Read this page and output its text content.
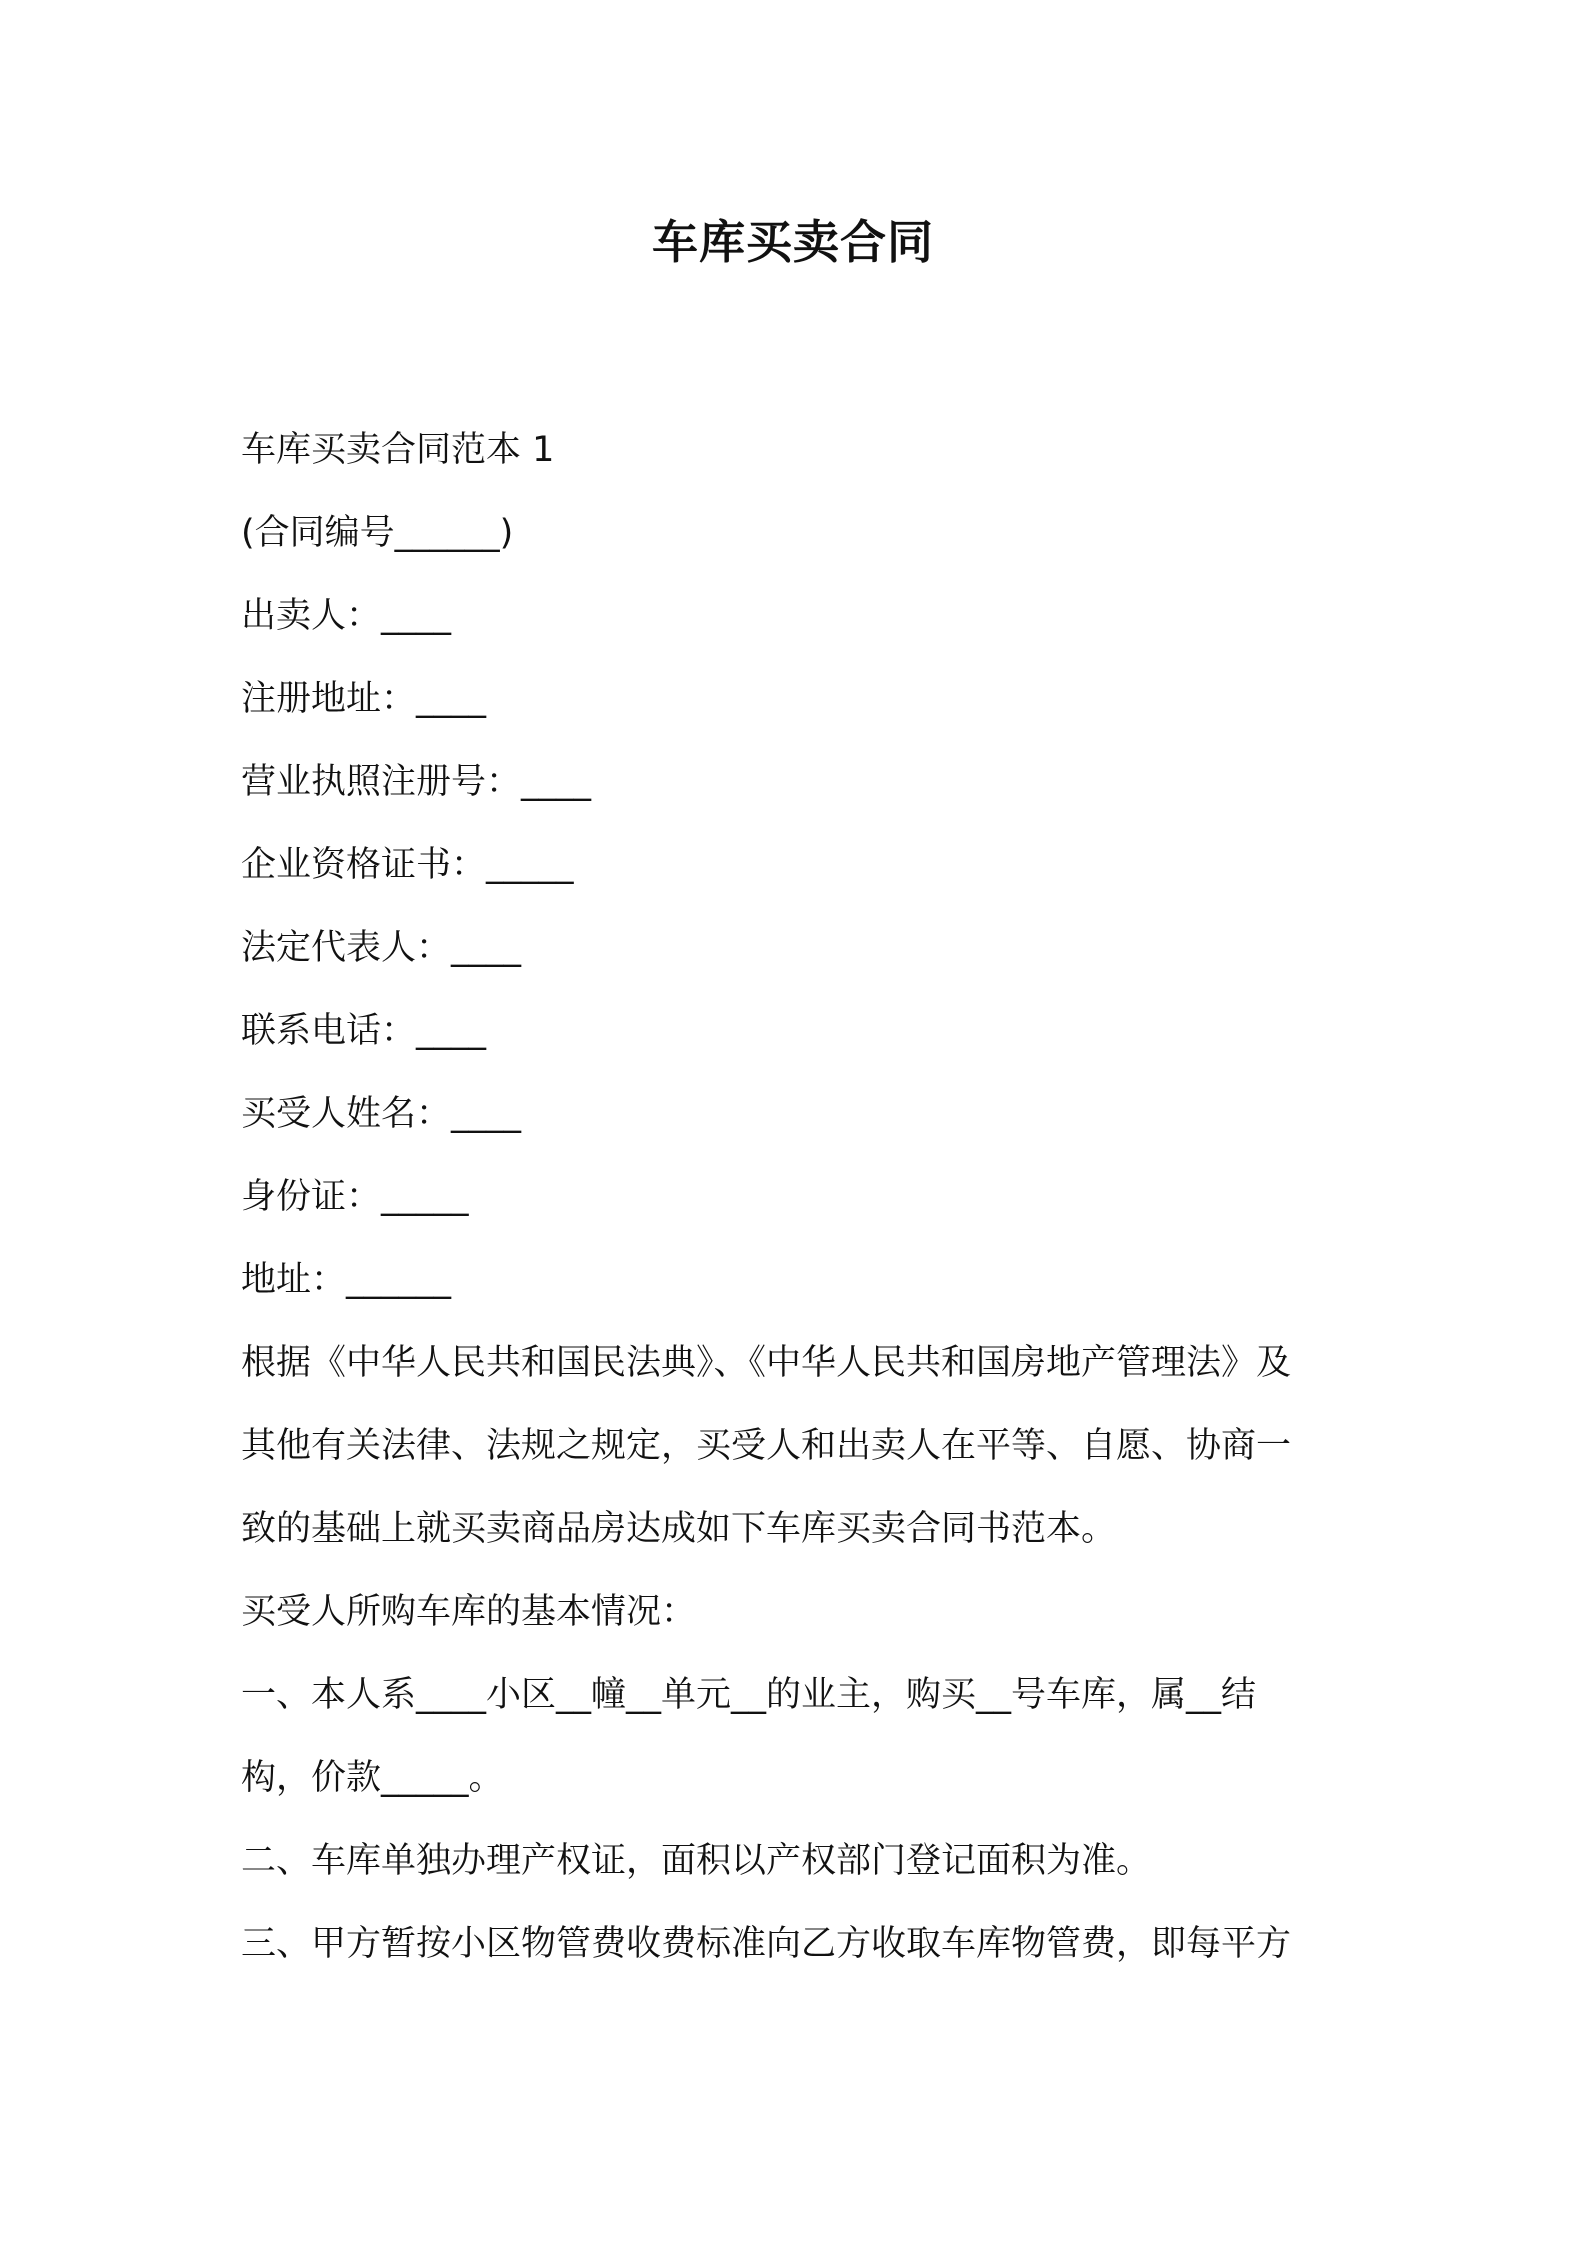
车库买卖合同
车库买卖合同范本 1
(合同编号______)
出卖人：____
注册地址：____
营业执照注册号：____
企业资格证书：_____
法定代表人：____
联系电话：____
买受人姓名：____
身份证：_____
地址：______
根据《中华人民共和国民法典》、《中华人民共和国房地产管理法》及
其他有关法律、法规之规定，买受人和出卖人在平等、自愿、协商一
致的基础上就买卖商品房达成如下车库买卖合同书范本。
买受人所购车库的基本情况：
一、本人系____小区__幢__单元__的业主，购买__号车库，属__结
构，价款_____。
二、车库单独办理产权证，面积以产权部门登记面积为准。
三、甲方暂按小区物管费收费标准向乙方收取车库物管费，即每平方
